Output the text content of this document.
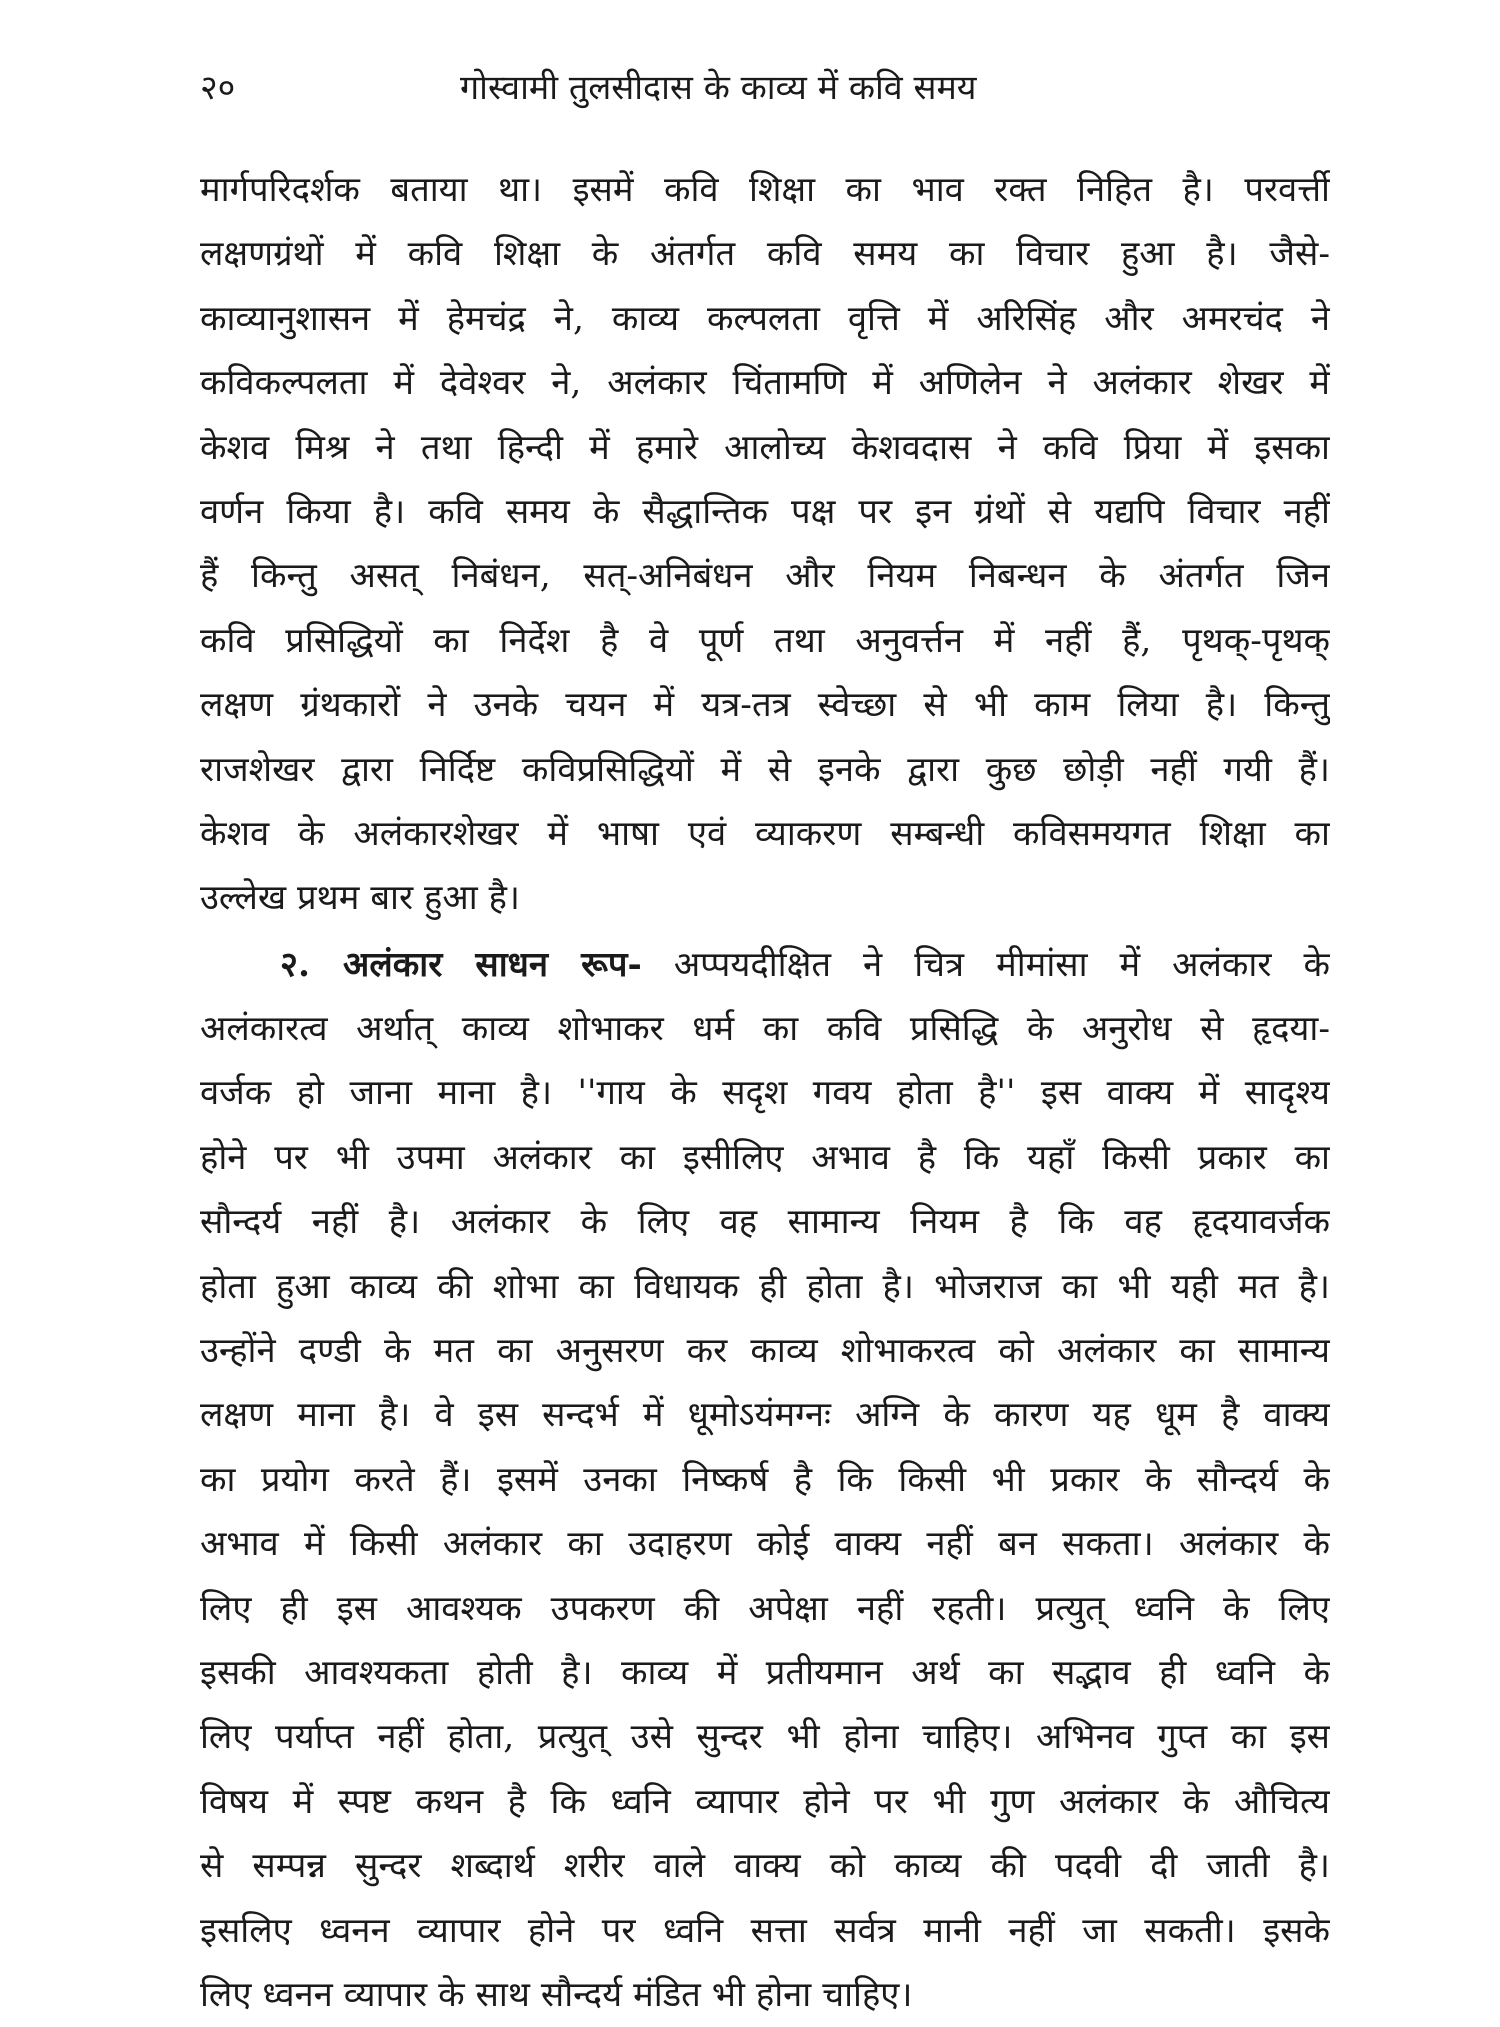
२०	गोस्वामी तुलसीदास के काव्य में कवि समय
मार्गपरिदर्शक बताया था। इसमें कवि शिक्षा का भाव रक्त निहित है। परवर्त्ती
लक्षणग्रंथों में कवि शिक्षा के अंतर्गत कवि समय का विचार हुआ है। जैसे-
काव्यानुशासन में हेमचंद्र ने, काव्य कल्पलता वृत्ति में अरिसिंह और अमरचंद ने
कविकल्पलता में देवेश्वर ने, अलंकार चिंतामणि में अणिलेन ने अलंकार शेखर में
केशव मिश्र ने तथा हिन्दी में हमारे आलोच्य केशवदास ने कवि प्रिया में इसका
वर्णन किया है। कवि समय के सैद्धान्तिक पक्ष पर इन ग्रंथों से यद्यपि विचार नहीं
हैं किन्तु असत् निबंधन, सत्-अनिबंधन और नियम निबन्धन के अंतर्गत जिन
कवि प्रसिद्धियों का निर्देश है वे पूर्ण तथा अनुवर्त्तन में नहीं हैं, पृथक्-पृथक्
लक्षण ग्रंथकारों ने उनके चयन में यत्र-तत्र स्वेच्छा से भी काम लिया है। किन्तु
राजशेखर द्वारा निर्दिष्ट कविप्रसिद्धियों में से इनके द्वारा कुछ छोड़ी नहीं गयी हैं।
केशव के अलंकारशेखर में भाषा एवं व्याकरण सम्बन्धी कविसमयगत शिक्षा का
उल्लेख प्रथम बार हुआ है।
२. अलंकार साधन रूप- अप्पयदीक्षित ने चित्र मीमांसा में अलंकार के
अलंकारत्व अर्थात् काव्य शोभाकर धर्म का कवि प्रसिद्धि के अनुरोध से हृदया-
वर्जक हो जाना माना है। ''गाय के सदृश गवय होता है'' इस वाक्य में सादृश्य
होने पर भी उपमा अलंकार का इसीलिए अभाव है कि यहाँ किसी प्रकार का
सौन्दर्य नहीं है। अलंकार के लिए वह सामान्य नियम है कि वह हृदयावर्जक
होता हुआ काव्य की शोभा का विधायक ही होता है। भोजराज का भी यही मत है।
उन्होंने दण्डी के मत का अनुसरण कर काव्य शोभाकरत्व को अलंकार का सामान्य
लक्षण माना है। वे इस सन्दर्भ में धूमोऽयंमग्नः अग्नि के कारण यह धूम है वाक्य
का प्रयोग करते हैं। इसमें उनका निष्कर्ष है कि किसी भी प्रकार के सौन्दर्य के
अभाव में किसी अलंकार का उदाहरण कोई वाक्य नहीं बन सकता। अलंकार के
लिए ही इस आवश्यक उपकरण की अपेक्षा नहीं रहती। प्रत्युत् ध्वनि के लिए
इसकी आवश्यकता होती है। काव्य में प्रतीयमान अर्थ का सद्भाव ही ध्वनि के
लिए पर्याप्त नहीं होता, प्रत्युत् उसे सुन्दर भी होना चाहिए। अभिनव गुप्त का इस
विषय में स्पष्ट कथन है कि ध्वनि व्यापार होने पर भी गुण अलंकार के औचित्य
से सम्पन्न सुन्दर शब्दार्थ शरीर वाले वाक्य को काव्य की पदवी दी जाती है।
इसलिए ध्वनन व्यापार होने पर ध्वनि सत्ता सर्वत्र मानी नहीं जा सकती। इसके
लिए ध्वनन व्यापार के साथ सौन्दर्य मंडित भी होना चाहिए।
